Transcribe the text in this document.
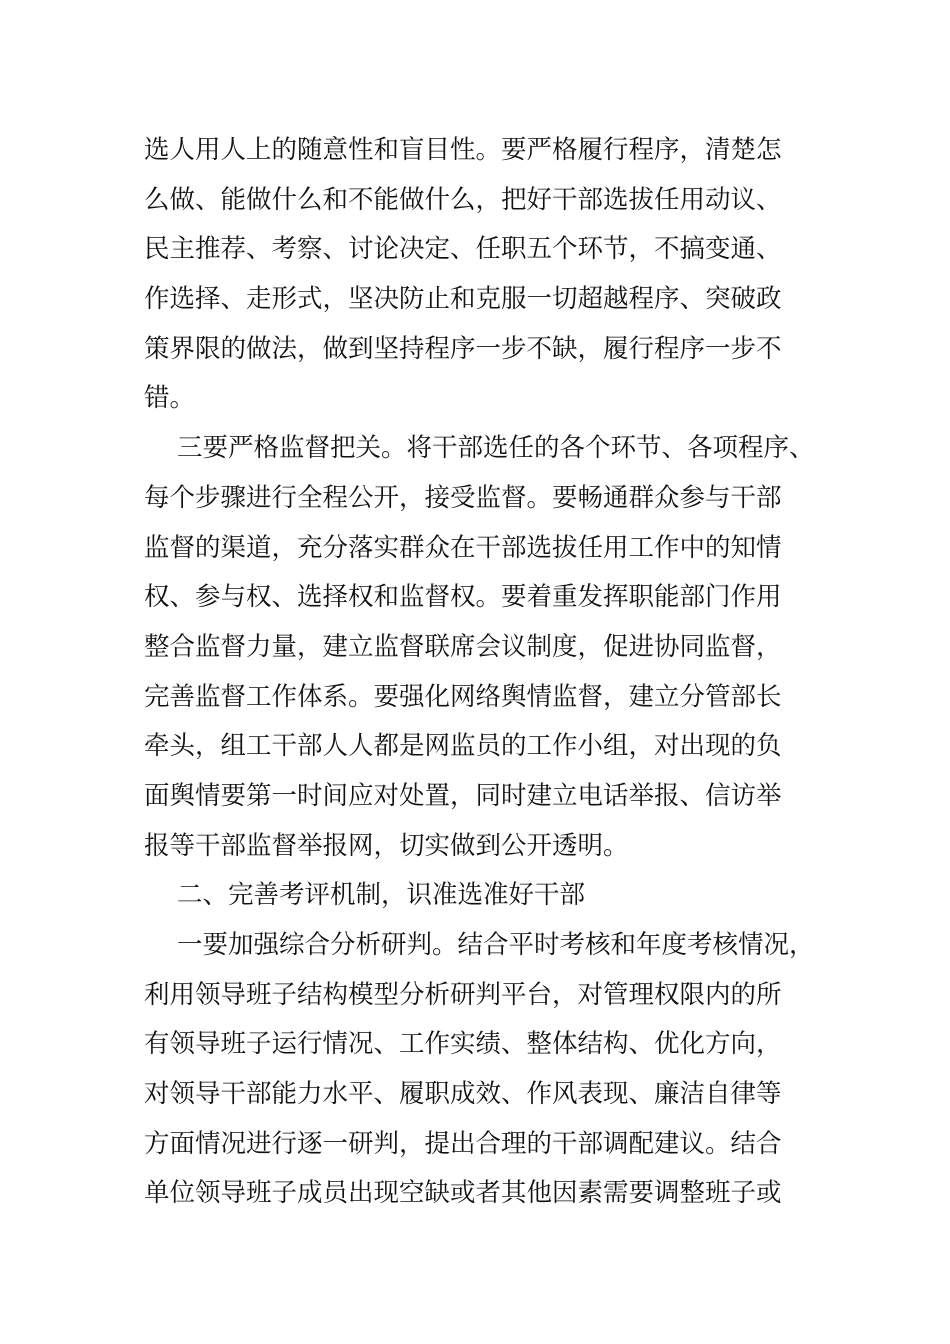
选人用人上的随意性和盲目性。要严格履行程序，清楚怎
么做、能做什么和不能做什么，把好干部选拔任用动议、
民主推荐、考察、讨论决定、任职五个环节，不搞变通、
作选择、走形式，坚决防止和克服一切超越程序、突破政
策界限的做法，做到坚持程序一步不缺，履行程序一步不
错。
三要严格监督把关。将干部选任的各个环节、各项程序、
每个步骤进行全程公开，接受监督。要畅通群众参与干部
监督的渠道，充分落实群众在干部选拔任用工作中的知情
权、参与权、选择权和监督权。要着重发挥职能部门作用
整合监督力量，建立监督联席会议制度，促进协同监督，
完善监督工作体系。要强化网络舆情监督，建立分管部长
牵头，组工干部人人都是网监员的工作小组，对出现的负
面舆情要第一时间应对处置，同时建立电话举报、信访举
报等干部监督举报网，切实做到公开透明。
二、完善考评机制，识准选准好干部
一要加强综合分析研判。结合平时考核和年度考核情况，
利用领导班子结构模型分析研判平台，对管理权限内的所
有领导班子运行情况、工作实绩、整体结构、优化方向，
对领导干部能力水平、履职成效、作风表现、廉洁自律等
方面情况进行逐一研判，提出合理的干部调配建议。结合
单位领导班子成员出现空缺或者其他因素需要调整班子或
